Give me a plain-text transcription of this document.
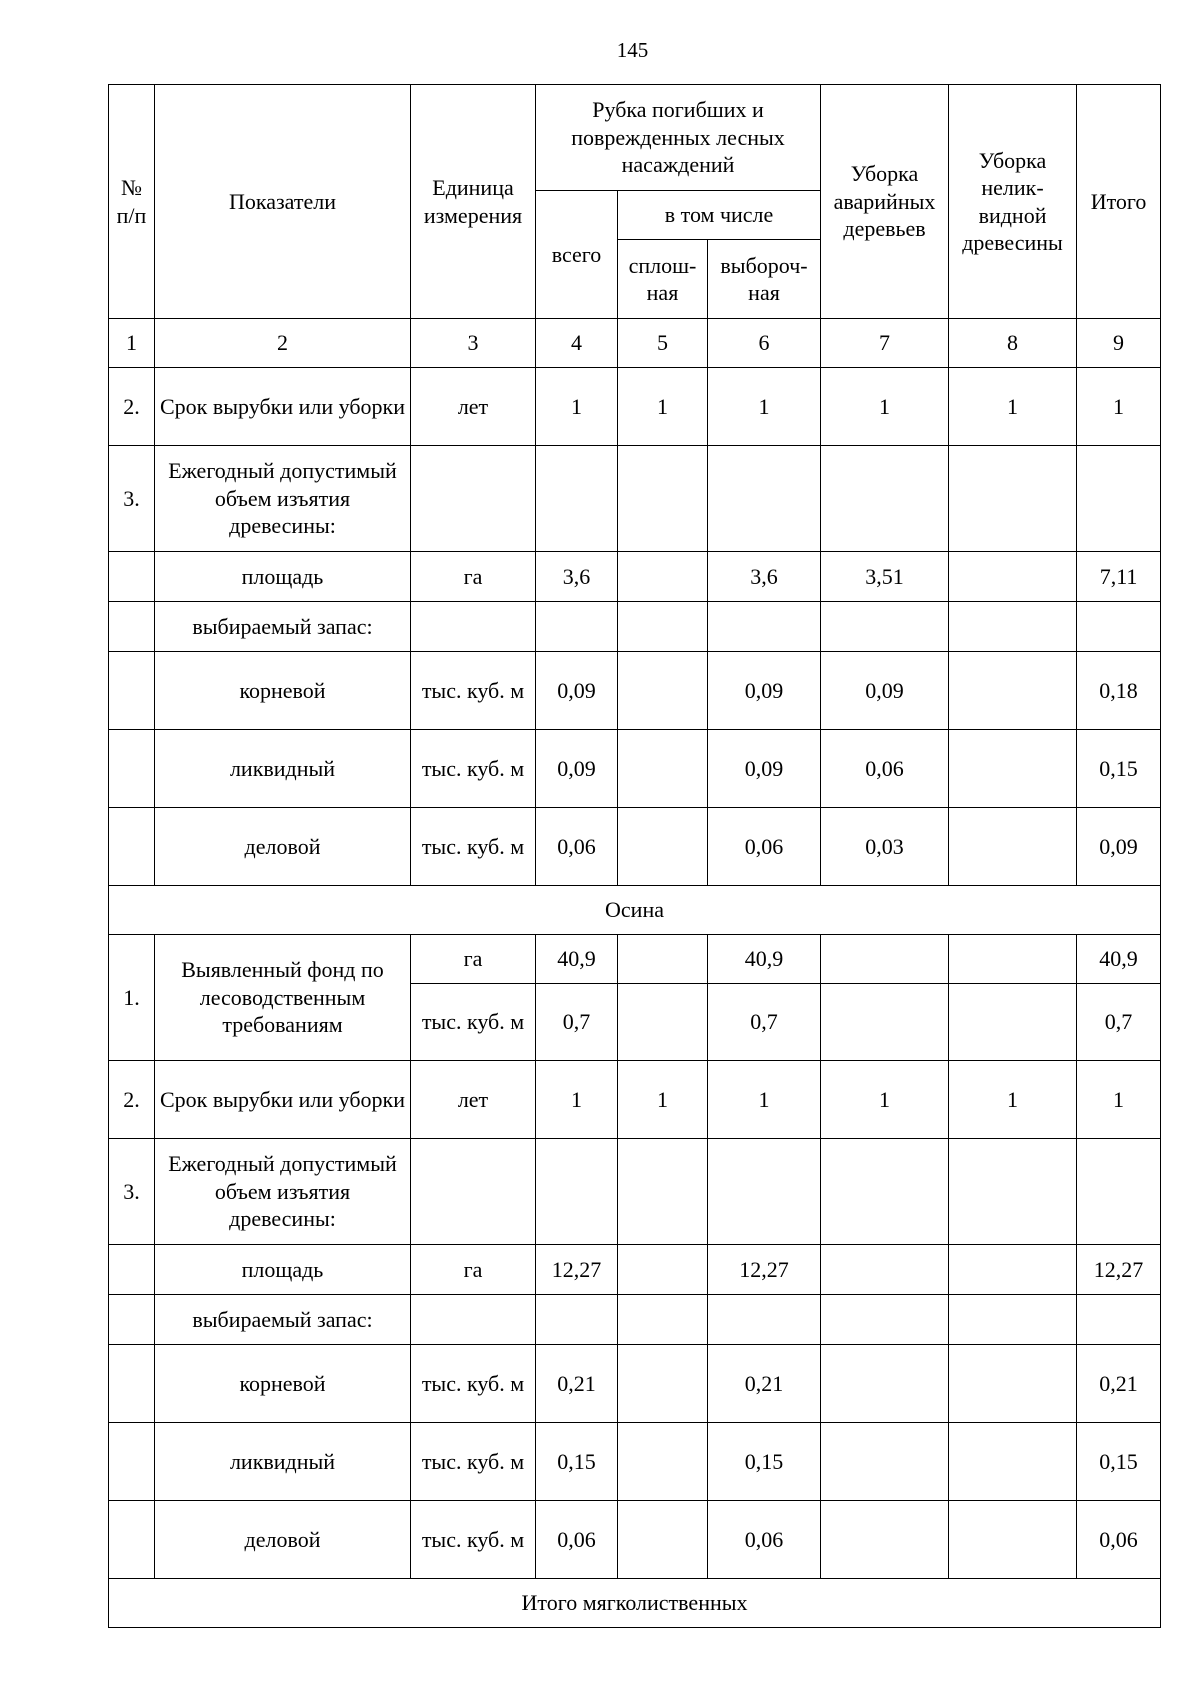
145
№ п/п	Показатели	Единица измерения	Рубка погибших и поврежденных лесных насаждений			Уборка аварийных деревьев	Уборка нелик-видной древесины	Итого
			всего	в том числе				
				сплош-ная	выбороч-ная			
1	2	3	4	5	6	7	8	9
2.	Срок вырубки или уборки	лет	1	1	1	1	1	1
3.	Ежегодный допустимый объем изъятия древесины:							
	площадь	га	3,6		3,6	3,51		7,11
	выбираемый запас:							
	корневой	тыс. куб. м	0,09		0,09	0,09		0,18
	ликвидный	тыс. куб. м	0,09		0,09	0,06		0,15
	деловой	тыс. куб. м	0,06		0,06	0,03		0,09
Осина								
1.	Выявленный фонд по лесоводственным требованиям	га	40,9		40,9			40,9
		тыс. куб. м	0,7		0,7			0,7
2.	Срок вырубки или уборки	лет	1	1	1	1	1	1
3.	Ежегодный допустимый объем изъятия древесины:							
	площадь	га	12,27		12,27			12,27
	выбираемый запас:							
	корневой	тыс. куб. м	0,21		0,21			0,21
	ликвидный	тыс. куб. м	0,15		0,15			0,15
	деловой	тыс. куб. м	0,06		0,06			0,06
Итого мягколиственных								
